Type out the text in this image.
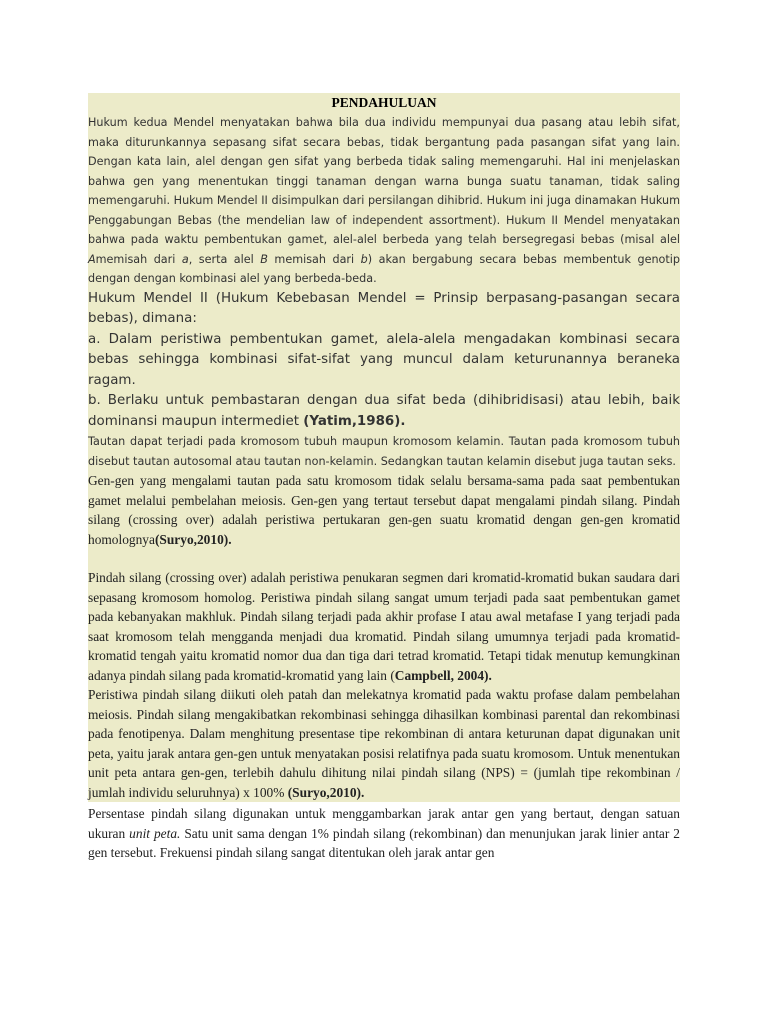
PENDAHULUAN

Hukum kedua Mendel menyatakan bahwa bila dua individu mempunyai dua pasang atau lebih sifat, maka diturunkannya sepasang sifat secara bebas, tidak bergantung pada pasangan sifat yang lain. Dengan kata lain, alel dengan gen sifat yang berbeda tidak saling memengaruhi. Hal ini menjelaskan bahwa gen yang menentukan tinggi tanaman dengan warna bunga suatu tanaman, tidak saling memengaruhi. Hukum Mendel II disimpulkan dari persilangan dihibrid. Hukum ini juga dinamakan Hukum Penggabungan Bebas (the mendelian law of independent assortment). Hukum II Mendel menyatakan bahwa pada waktu pembentukan gamet, alel-alel berbeda yang telah bersegregasi bebas (misal alel Amemisah dari a, serta alel B memisah dari b) akan bergabung secara bebas membentuk genotip dengan dengan kombinasi alel yang berbeda-beda.

Hukum Mendel II (Hukum Kebebasan Mendel = Prinsip berpasang-pasangan secara bebas), dimana:

a. Dalam peristiwa pembentukan gamet, alela-alela mengadakan kombinasi secara bebas sehingga kombinasi sifat-sifat yang muncul dalam keturunannya beraneka ragam.

b. Berlaku untuk pembastaran dengan dua sifat beda (dihibridisasi) atau lebih, baik dominansi maupun intermediet (Yatim,1986).

Tautan dapat terjadi pada kromosom tubuh maupun kromosom kelamin. Tautan pada kromosom tubuh disebut tautan autosomal atau tautan non-kelamin. Sedangkan tautan kelamin disebut juga tautan seks.

Gen-gen yang mengalami tautan pada satu kromosom tidak selalu bersama-sama pada saat pembentukan gamet melalui pembelahan meiosis. Gen-gen yang tertaut tersebut dapat mengalami pindah silang. Pindah silang (crossing over) adalah peristiwa pertukaran gen-gen suatu kromatid dengan gen-gen kromatid homolognya(Suryo,2010).

Pindah silang (crossing over) adalah peristiwa penukaran segmen dari kromatid-kromatid bukan saudara dari sepasang kromosom homolog. Peristiwa pindah silang sangat umum terjadi pada saat pembentukan gamet pada kebanyakan makhluk. Pindah silang terjadi pada akhir profase I atau awal metafase I yang terjadi pada saat kromosom telah mengganda menjadi dua kromatid. Pindah silang umumnya terjadi pada kromatid-kromatid tengah yaitu kromatid nomor dua dan tiga dari tetrad kromatid. Tetapi tidak menutup kemungkinan adanya pindah silang pada kromatid-kromatid yang lain (Campbell, 2004).

Peristiwa pindah silang diikuti oleh patah dan melekatnya kromatid pada waktu profase dalam pembelahan meiosis. Pindah silang mengakibatkan rekombinasi sehingga dihasilkan kombinasi parental dan rekombinasi pada fenotipenya. Dalam menghitung presentase tipe rekombinan di antara keturunan dapat digunakan unit peta, yaitu jarak antara gen-gen untuk menyatakan posisi relatifnya pada suatu kromosom. Untuk menentukan unit peta antara gen-gen, terlebih dahulu dihitung nilai pindah silang (NPS) = (jumlah tipe rekombinan / jumlah individu seluruhnya) x 100% (Suryo,2010).

Persentase pindah silang digunakan untuk menggambarkan jarak antar gen yang bertaut, dengan satuan ukuran unit peta. Satu unit sama dengan 1% pindah silang (rekombinan) dan menunjukan jarak linier antar 2 gen tersebut. Frekuensi pindah silang sangat ditentukan oleh jarak antar gen
